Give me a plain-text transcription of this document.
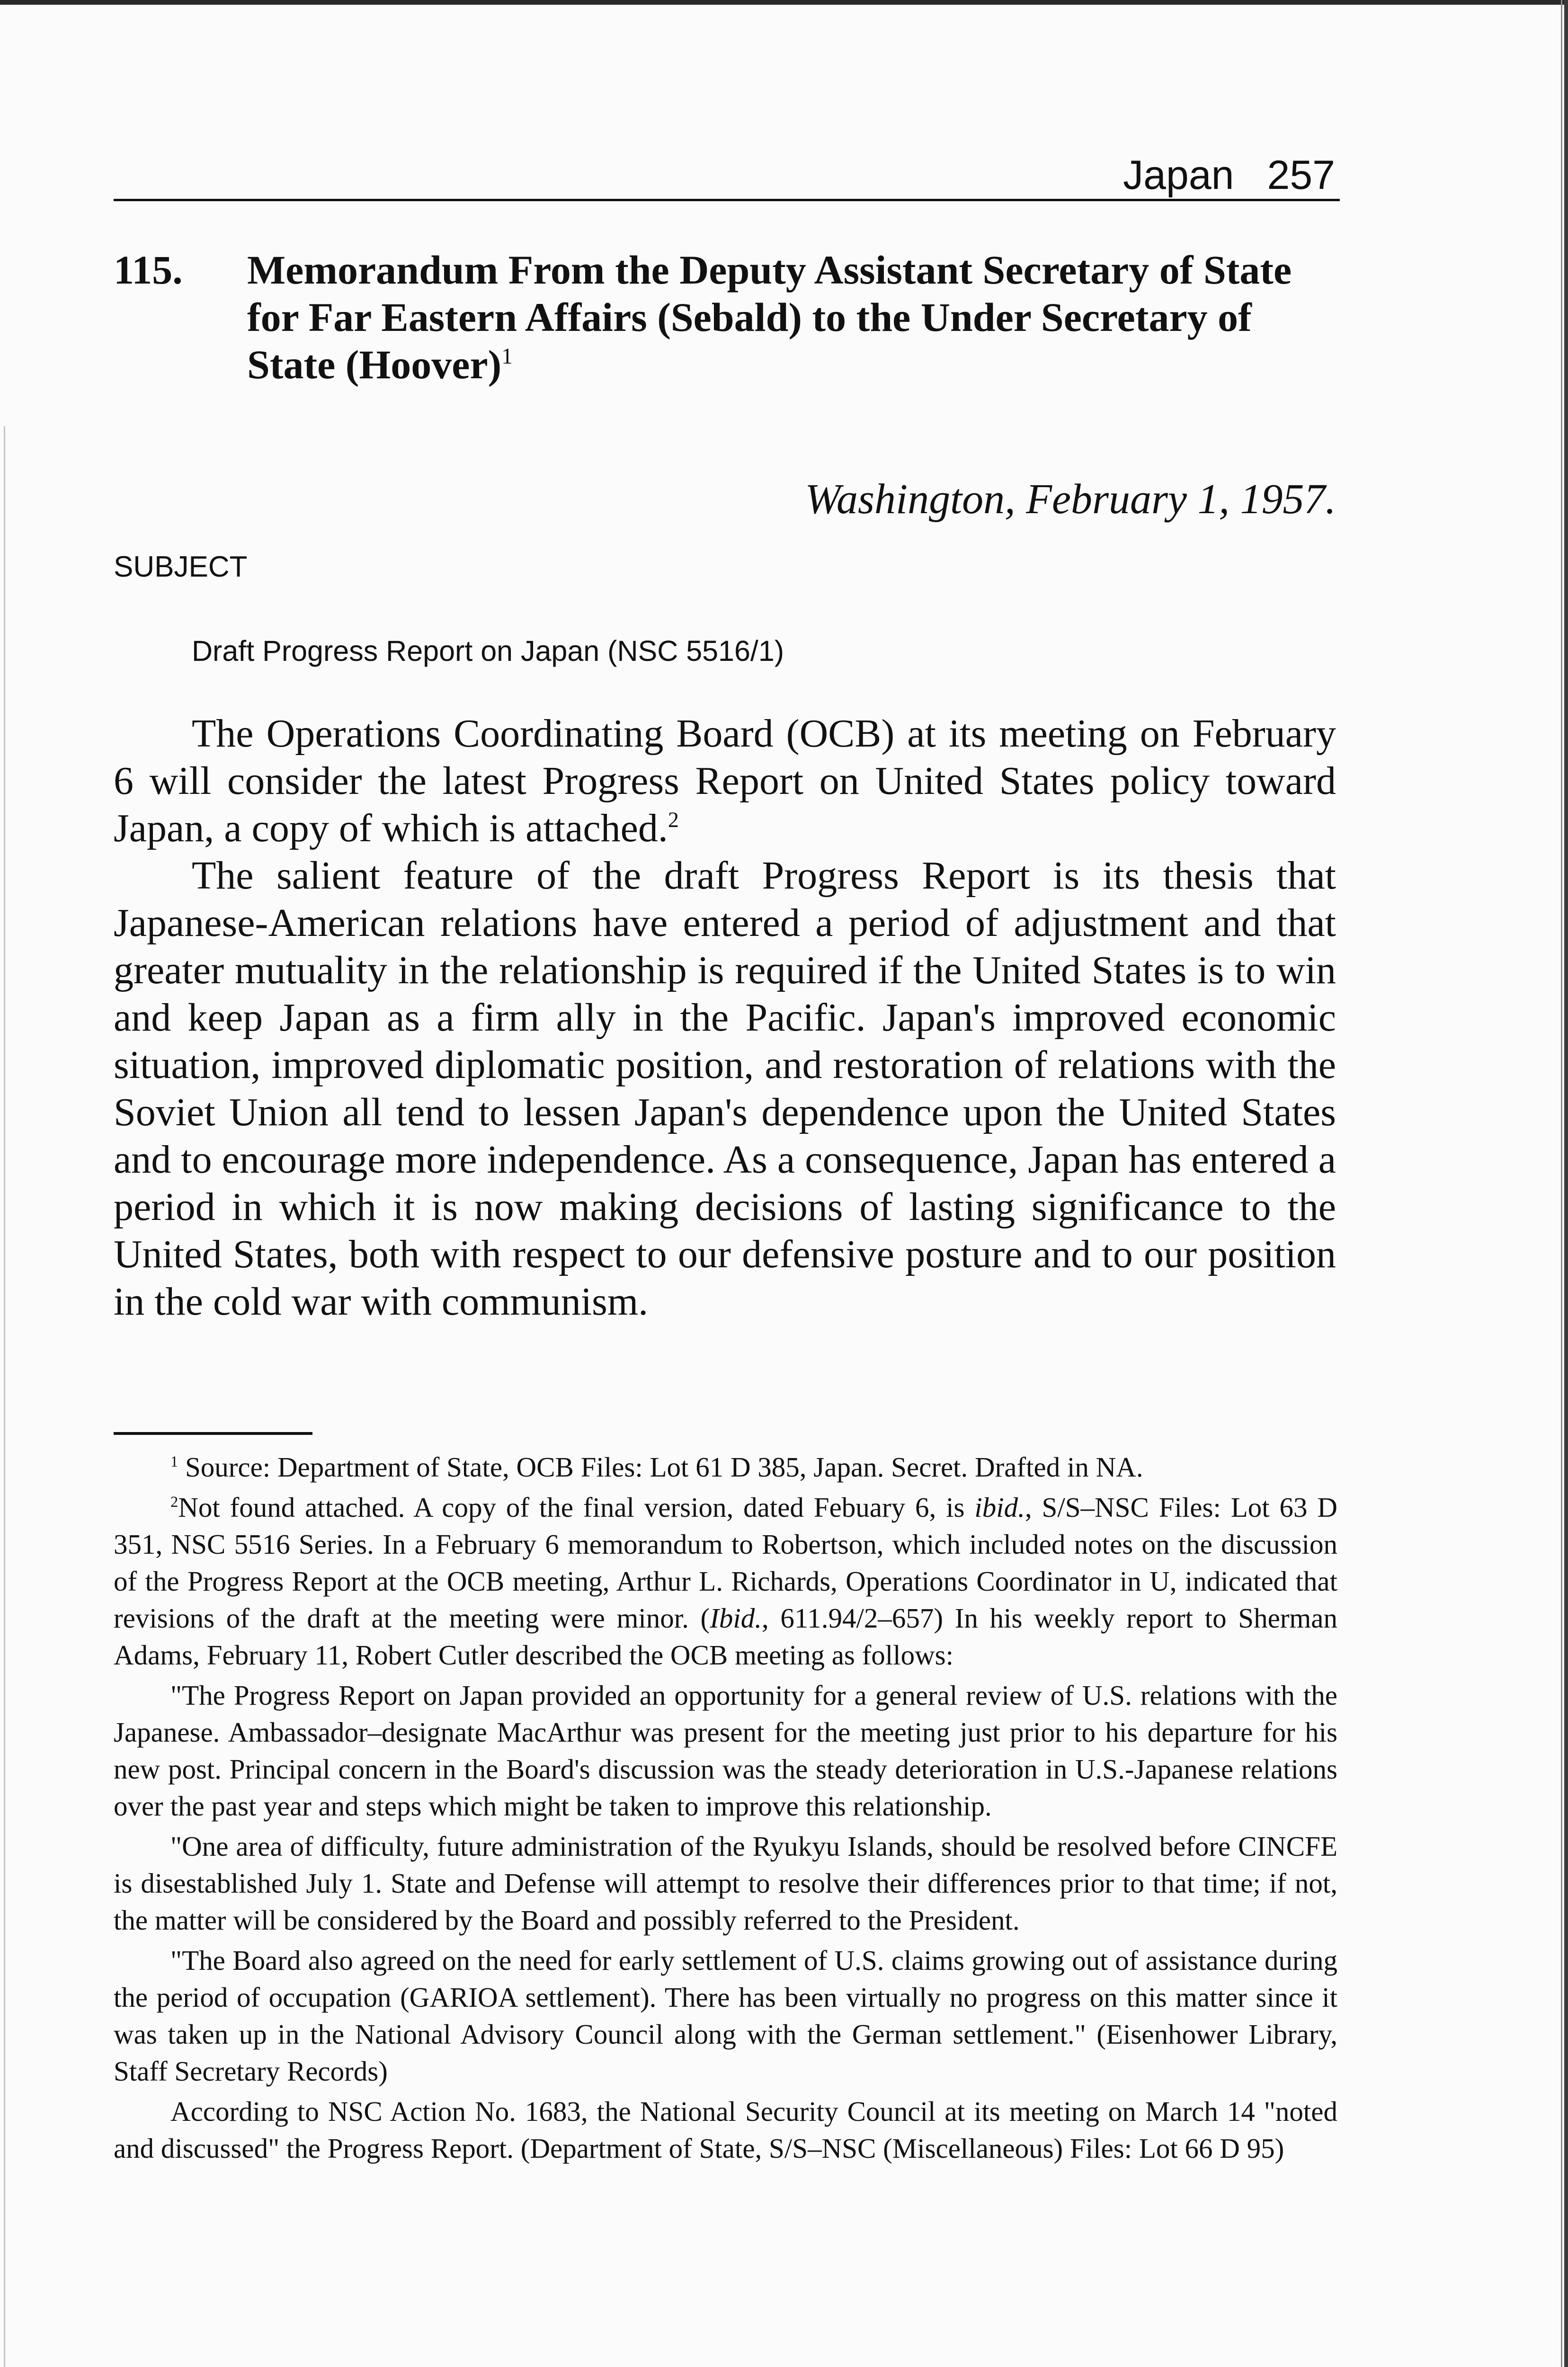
Japan 257
115. Memorandum From the Deputy Assistant Secretary of State for Far Eastern Affairs (Sebald) to the Under Secretary of State (Hoover)$^1$
Washington, February 1, 1957.
SUBJECT
Draft Progress Report on Japan (NSC 5516/1)

The Operations Coordinating Board (OCB) at its meeting on February 6 will consider the latest Progress Report on United States policy toward Japan, a copy of which is attached.$^2$

The salient feature of the draft Progress Report is its thesis that Japanese-American relations have entered a period of adjustment and that greater mutuality in the relationship is required if the United States is to win and keep Japan as a firm ally in the Pacific. Japan's improved economic situation, improved diplomatic position, and restoration of relations with the Soviet Union all tend to lessen Japan's dependence upon the United States and to encourage more independence. As a consequence, Japan has entered a period in which it is now making decisions of lasting significance to the United States, both with respect to our defensive posture and to our position in the cold war with communism.

$^1$ Source: Department of State, OCB Files: Lot 61 D 385, Japan. Secret. Drafted in NA.

$^2$Not found attached. A copy of the final version, dated Febuary 6, is ibid., S/S–NSC Files: Lot 63 D 351, NSC 5516 Series. In a February 6 memorandum to Robertson, which included notes on the discussion of the Progress Report at the OCB meeting, Arthur L. Richards, Operations Coordinator in U, indicated that revisions of the draft at the meeting were minor. (Ibid., 611.94/2–657) In his weekly report to Sherman Adams, February 11, Robert Cutler described the OCB meeting as follows:

"The Progress Report on Japan provided an opportunity for a general review of U.S. relations with the Japanese. Ambassador–designate MacArthur was present for the meeting just prior to his departure for his new post. Principal concern in the Board's discussion was the steady deterioration in U.S.-Japanese relations over the past year and steps which might be taken to improve this relationship.

"One area of difficulty, future administration of the Ryukyu Islands, should be resolved before CINCFE is disestablished July 1. State and Defense will attempt to resolve their differences prior to that time; if not, the matter will be considered by the Board and possibly referred to the President.

"The Board also agreed on the need for early settlement of U.S. claims growing out of assistance during the period of occupation (GARIOA settlement). There has been virtually no progress on this matter since it was taken up in the National Advisory Council along with the German settlement." (Eisenhower Library, Staff Secretary Records)

According to NSC Action No. 1683, the National Security Council at its meeting on March 14 "noted and discussed" the Progress Report. (Department of State, S/S–NSC (Miscellaneous) Files: Lot 66 D 95)
